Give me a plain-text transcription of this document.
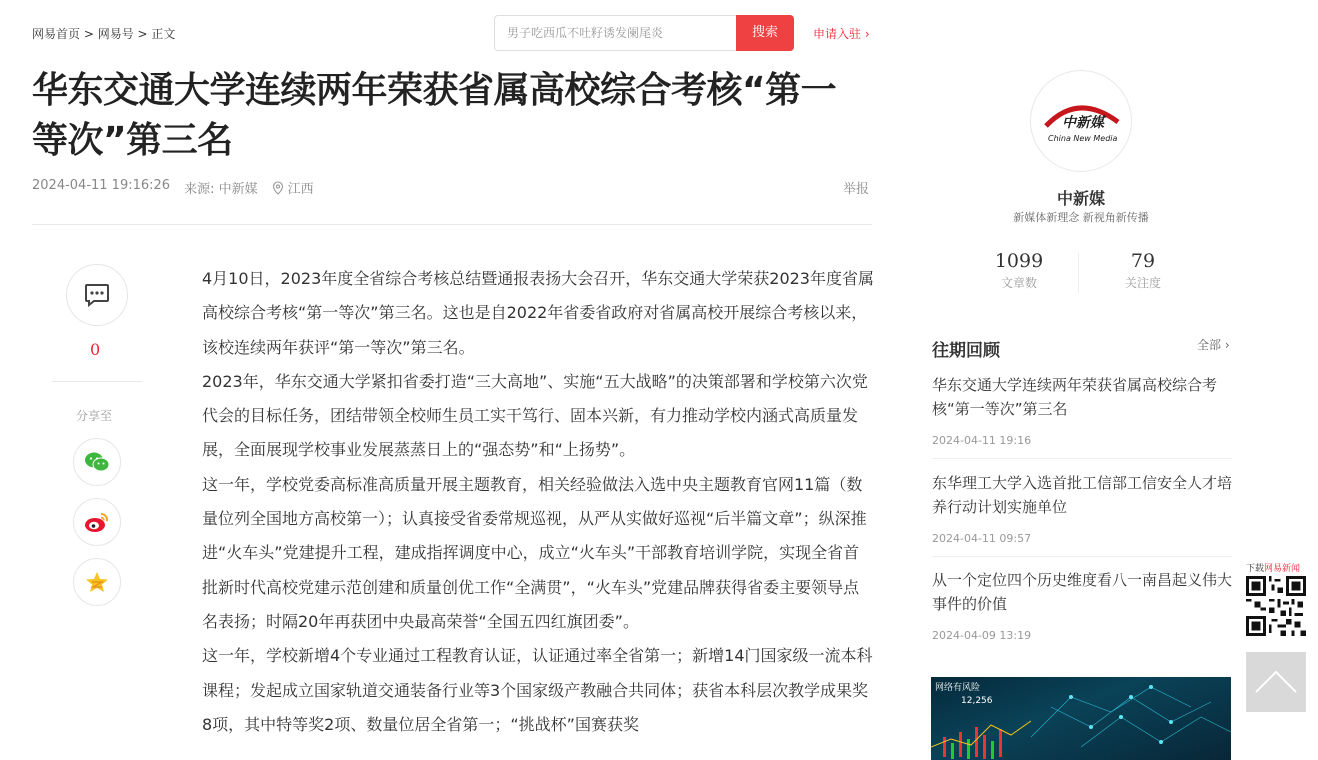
网易首页 > 网易号 > 正文	男子吃西瓜不吐籽诱发阑尾炎	搜索	申请入驻 ›
华东交通大学连续两年荣获省属高校综合考核“第一等次”第三名
2024-04-11 19:16:26 来源: 中新媒 江西	举报
0
分享至

4月10日，2023年度全省综合考核总结暨通报表扬大会召开，华东交通大学荣获2023年度省属高校综合考核“第一等次”第三名。这也是自2022年省委省政府对省属高校开展综合考核以来，该校连续两年获评“第一等次”第三名。

2023年，华东交通大学紧扣省委打造“三大高地”、实施“五大战略”的决策部署和学校第六次党代会的目标任务，团结带领全校师生员工实干笃行、固本兴新，有力推动学校内涵式高质量发展，全面展现学校事业发展蒸蒸日上的“强态势”和“上扬势”。

这一年，学校党委高标准高质量开展主题教育，相关经验做法入选中央主题教育官网11篇（数量位列全国地方高校第一）；认真接受省委常规巡视，从严从实做好巡视“后半篇文章”；纵深推进“火车头”党建提升工程，建成指挥调度中心，成立“火车头”干部教育培训学院，实现全省首批新时代高校党建示范创建和质量创优工作“全满贯”，“火车头”党建品牌获得省委主要领导点名表扬；时隔20年再获团中央最高荣誉“全国五四红旗团委”。

这一年，学校新增4个专业通过工程教育认证，认证通过率全省第一；新增14门国家级一流本科课程；发起成立国家轨道交通装备行业等3个国家级产教融合共同体；获省本科层次教学成果奖8项，其中特等奖2项、数量位居全省第一；“挑战杯”国赛获奖

中新媒
China New Media
中新媒
新媒体新理念 新视角新传播
1099
文章数
79
关注度
往期回顾	全部 ›
华东交通大学连续两年荣获省属高校综合考核“第一等次”第三名
2024-04-11 19:16
东华理工大学入选首批工信部工信安全人才培养行动计划实施单位
2024-04-11 09:57
从一个定位四个历史维度看八一南昌起义伟大事件的价值
2024-04-09 13:19
网络有风险
12,256
下载网易新闻
